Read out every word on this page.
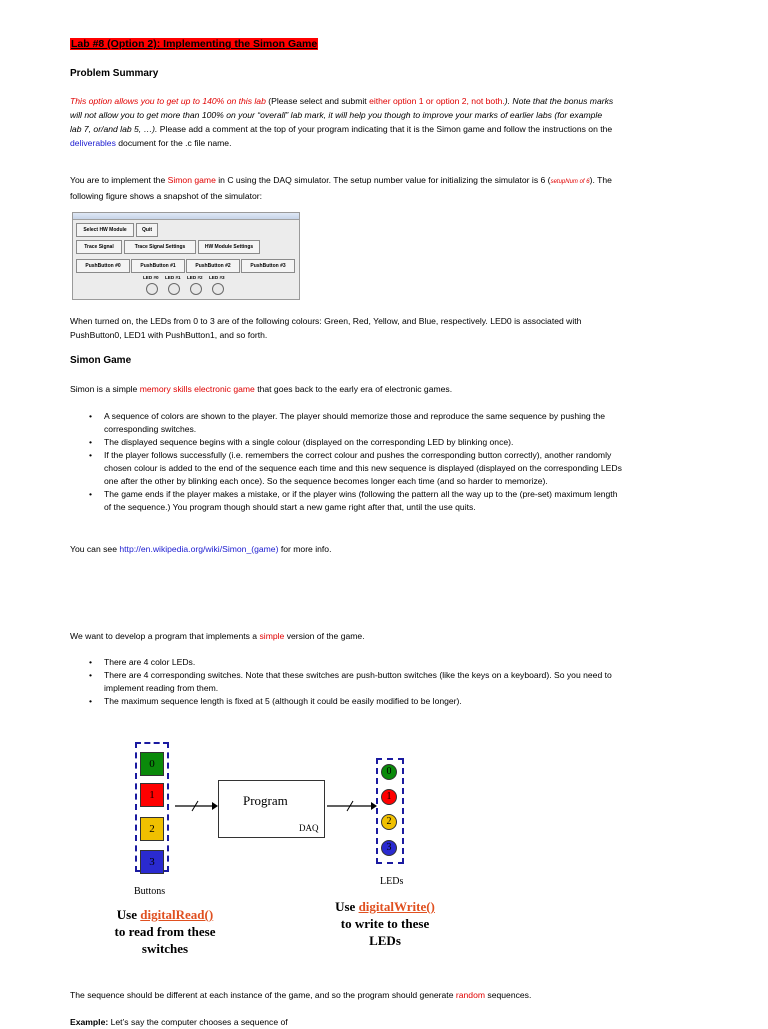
Lab #8 (Option 2): Implementing the Simon Game
Problem Summary

This option allows you to get up to 140% on this lab (Please select and submit either option 1 or option 2, not both.). Note that the bonus marks

will not allow you to get more than 100% on your “overall” lab mark, it will help you though to improve your marks of earlier labs (for example

lab 7, or/and lab 5, …). Please add a comment at the top of your program indicating that it is the Simon game and follow the instructions on the

deliverables document for the .c file name.

You are to implement the Simon game in C using the DAQ simulator. The setup number value for initializing the simulator is 6 (setupNum of 6). The

following figure shows a snapshot of the simulator:

Select HW Module	Quit
Trace Signal	Trace Signal Settings	HW Module Settings
PushButton #0	PushButton #1	PushButton #2	PushButton #3
LED #0 LED #1 LED #2 LED #3

When turned on, the LEDs from 0 to 3 are of the following colours: Green, Red, Yellow, and Blue, respectively. LED0 is associated with

PushButton0, LED1 with PushButton1, and so forth.

Simon Game

Simon is a simple memory skills electronic game that goes back to the early era of electronic games.

• A sequence of colors are shown to the player. The player should memorize those and reproduce the same sequence by pushing the
corresponding switches.
• The displayed sequence begins with a single colour (displayed on the corresponding LED by blinking once).
• If the player follows successfully (i.e. remembers the correct colour and pushes the corresponding button correctly), another randomly
chosen colour is added to the end of the sequence each time and this new sequence is displayed (displayed on the corresponding LEDs
one after the other by blinking each once). So the sequence becomes longer each time (and so harder to memorize).
• The game ends if the player makes a mistake, or if the player wins (following the pattern all the way up to the (pre-set) maximum length
of the sequence.) You program though should start a new game right after that, until the use quits.

You can see http://en.wikipedia.org/wiki/Simon_(game) for more info.

We want to develop a program that implements a simple version of the game.

• There are 4 color LEDs.
• There are 4 corresponding switches. Note that these switches are push-button switches (like the keys on a keyboard). So you need to
implement reading from them.
• The maximum sequence length is fixed at 5 (although it could be easily modified to be longer).
0
1
2
3
Buttons
Program
DAQ
0
1
2
3
LEDs
Use digitalRead()
to read from these
switches
Use digitalWrite()
to write to these
LEDs

The sequence should be different at each instance of the game, and so the program should generate random sequences.

Example: Let’s say the computer chooses a sequence of
